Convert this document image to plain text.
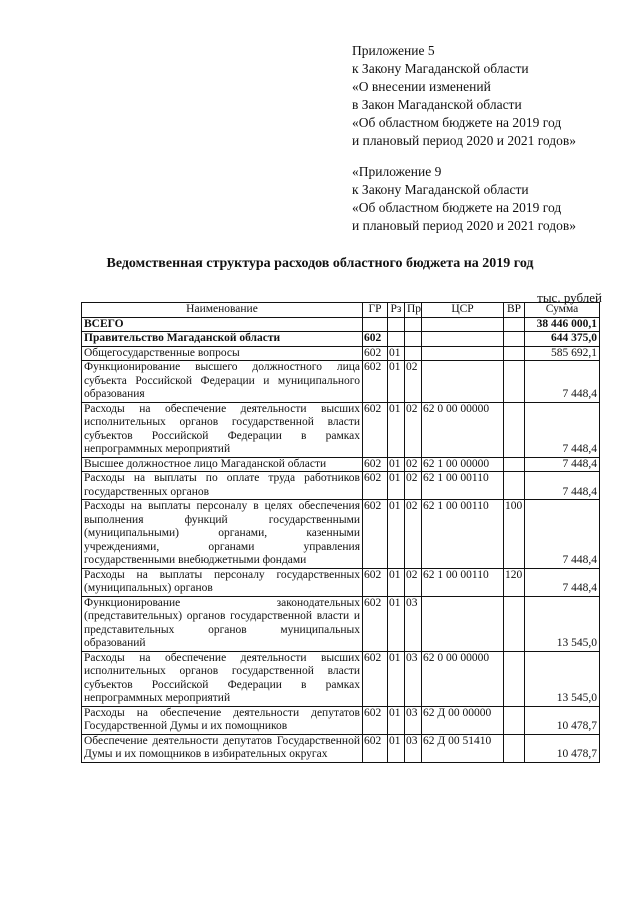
Приложение 5
к Закону Магаданской области
«О внесении изменений
в Закон Магаданской области
«Об областном бюджете на 2019 год
и плановый период 2020 и 2021 годов»
«Приложение 9
к Закону Магаданской области
«Об областном бюджете на 2019 год
и плановый период 2020 и 2021 годов»
Ведомственная структура расходов областного бюджета на 2019 год
тыс. рублей
Наименование	ГР	Рз	Пр	ЦСР	ВР	Сумма
ВСЕГО						38 446 000,1
Правительство Магаданской области	602					644 375,0
Общегосударственные вопросы	602	01				585 692,1
Функционирование высшего должностного лица субъекта Российской Федерации и муниципального образования	602	01	02			7 448,4
Расходы на обеспечение деятельности высших исполнительных органов государственной власти субъектов Российской Федерации в рамках непрограммных мероприятий	602	01	02	62 0 00 00000		7 448,4
Высшее должностное лицо Магаданской области	602	01	02	62 1 00 00000		7 448,4
Расходы на выплаты по оплате труда работников государственных органов	602	01	02	62 1 00 00110		7 448,4
Расходы на выплаты персоналу в целях обеспечения выполнения функций государственными (муниципальными) органами, казенными учреждениями, органами управления государственными внебюджетными фондами	602	01	02	62 1 00 00110	100	7 448,4
Расходы на выплаты персоналу государственных (муниципальных) органов	602	01	02	62 1 00 00110	120	7 448,4
Функционирование законодательных (представительных) органов государственной власти и представительных органов муниципальных образований	602	01	03			13 545,0
Расходы на обеспечение деятельности высших исполнительных органов государственной власти субъектов Российской Федерации в рамках непрограммных мероприятий	602	01	03	62 0 00 00000		13 545,0
Расходы на обеспечение деятельности депутатов Государственной Думы и их помощников	602	01	03	62 Д 00 00000		10 478,7
Обеспечение деятельности депутатов Государственной Думы и их помощников в избирательных округах	602	01	03	62 Д 00 51410		10 478,7
